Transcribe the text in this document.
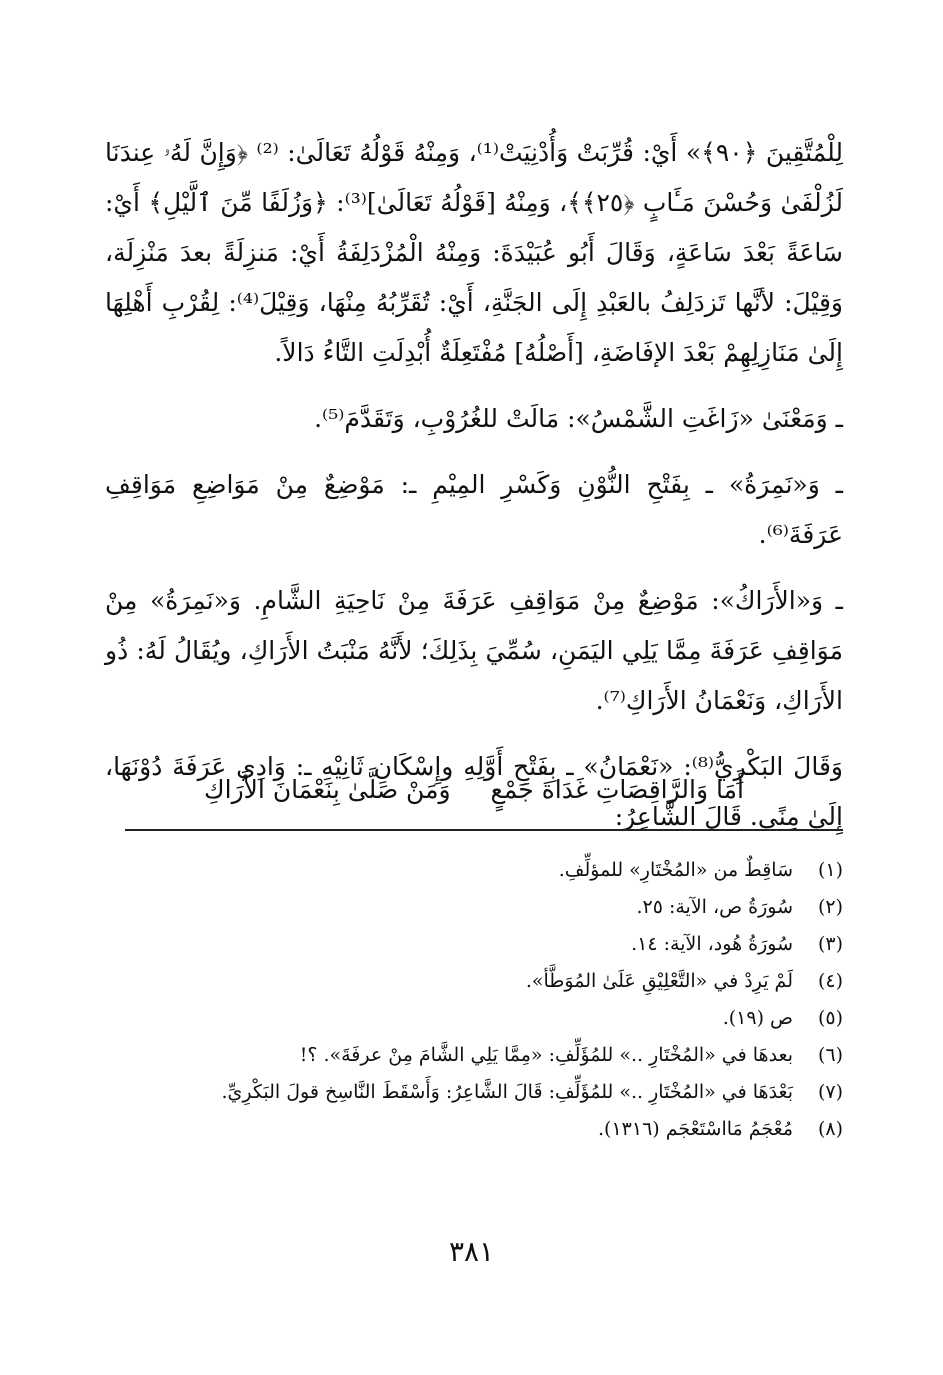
لِلْمُتَّقِينَ ﴿٩٠﴾» أَيْ: قُرِّبَتْ وَأُدْنِيَتْ⁽¹⁾، وَمِنْهُ قَوْلُهُ تَعَالَىٰ: ⁽²⁾ ﴿وَإِنَّ لَهُۥ عِندَنَا لَزُلْفَىٰ وَحُسْنَ مَـَٔابٍ ﴿٢٥﴾﴾، وَمِنْهُ [قَوْلُهُ تَعَالَىٰ]⁽³⁾: ﴿وَزُلَفًا مِّنَ ٱلَّيْلِ﴾ أَيْ: سَاعَةً بَعْدَ سَاعَةٍ، وَقَالَ أَبُو عُبَيْدَةَ: وَمِنْهُ الْمُزْدَلِفَةُ أَيْ: مَنزِلَةً بعدَ مَنْزِلَة، وَقِيْلَ: لأنَّها تَزدَلِفُ بالعَبْدِ إِلَى الجَنَّةِ، أَيْ: تُقَرِّبُهُ مِنْهَا، وَقِيْلَ⁽⁴⁾: لِقُرْبِ أَهْلِهَا إِلَىٰ مَنَازِلِهِمْ بَعْدَ الإفَاضَةِ، [أَصْلُهُ] مُفْتَعِلَةٌ أُبْدِلَتِ التَّاءُ دَالاً.

ـ وَمَعْنَىٰ «زَاغَتِ الشَّمْسُ»: مَالَتْ للغُرُوْبِ، وَتَقَدَّمَ⁽⁵⁾.

ـ وَ«نَمِرَةُ» ـ بِفَتْحِ النُّوْنِ وَكَسْرِ المِيْمِ ـ: مَوْضِعٌ مِنْ مَوَاضِعِ مَوَاقِفِ عَرَفَةَ⁽⁶⁾.

ـ وَ«الأَرَاكُ»: مَوْضِعٌ مِنْ مَوَاقِفِ عَرَفَةَ مِنْ نَاحِيَةِ الشَّامِ. وَ«نَمِرَةُ» مِنْ مَوَاقِفِ عَرَفَةَ مِمَّا يَلِي اليَمَنِ، سُمِّيَ بِذَلِكَ؛ لأَنَّهُ مَنْبَتُ الأَرَاكِ، ويُقَالُ لَهُ: ذُو الأَرَاكِ، وَنَعْمَانُ الأَرَاكِ⁽⁷⁾.

وَقَالَ البَكْرِيُّ⁽⁸⁾: «نَعْمَانُ» ـ بِفَتْحِ أَوَّلِهِ وإِسْكَانِ ثَانِيْهِ ـ: وَادِي عَرَفَةَ دُوْنَهَا، إِلَىٰ مِنًى. قَالَ الشَّاعِرُ:

أَمَا وَالرَّاقِصَاتِ غَدَاةَ جَمْعٍ
وَمَنْ صَلَّىٰ بِنَعْمَانَ الأَرَاكِ
(١)
سَاقِطٌ من «المُخْتَارِ» للمؤلِّفِ.
(٢)
سُورَةُ ص، الآية: ٢٥.
(٣)
سُورَةُ هُود، الآية: ١٤.
(٤)
لَمْ يَرِدْ في «التَّعْلِيْقِ عَلَىٰ المُوَطَّأ».
(٥)
ص (١٩).
(٦)
بعدهَا في «المُخْتَارِ ..» للمُؤَلِّفِ: «مِمَّا يَلِي الشَّامَ مِنْ عرفَةَ». ؟!
(٧)
بَعْدَهَا في «المُخْتَارِ ..» للمُؤَلِّفِ: قَالَ الشَّاعِرُ: وَأَسْقَطَ النَّاسِخ قولَ البَكْرِيِّ.
(٨)
مُعْجَمُ مَااسْتَعْجَم (١٣١٦).
٣٨١
